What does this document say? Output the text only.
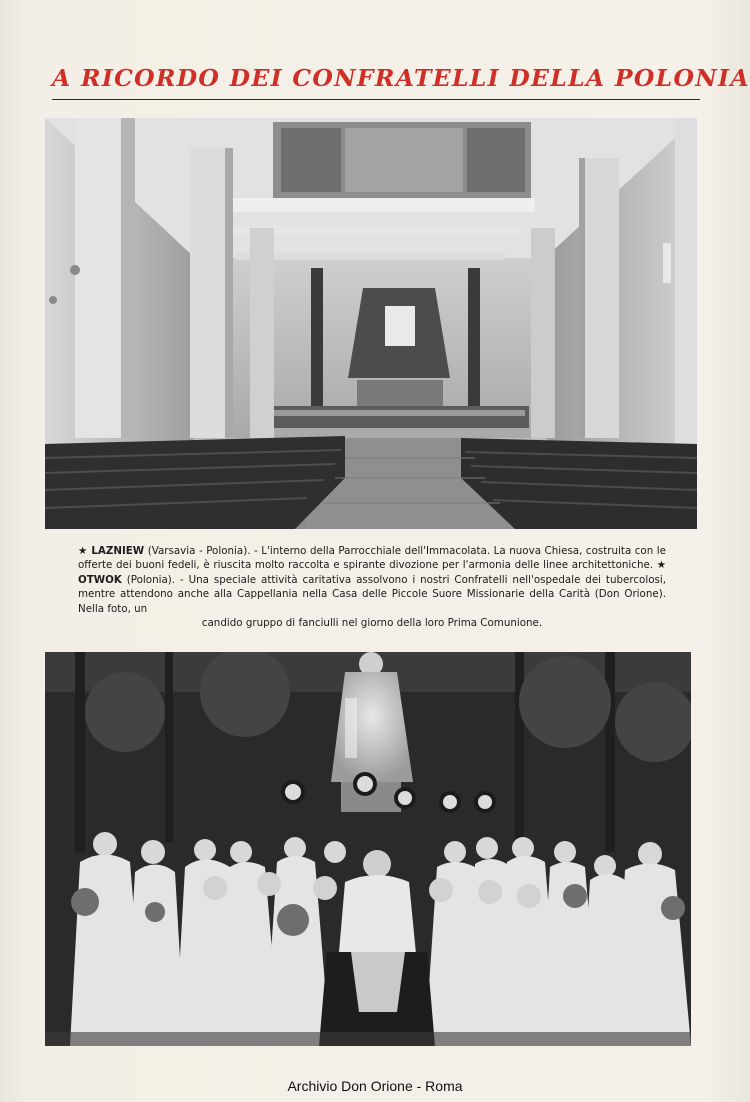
A RICORDO DEI CONFRATELLI DELLA POLONIA

★ LAZNIEW (Varsavia - Polonia). - L'interno della Parrocchiale dell'Immacolata. La nuova Chiesa, costruita con le offerte dei buoni fedeli, è riuscita molto raccolta e spirante divozione per l'armonia delle linee architettoniche. ★ OTWOK (Polonia). - Una speciale attività caritativa assolvono i nostri Confratelli nell'ospedale dei tubercolosi, mentre attendono anche alla Cappellania nella Casa delle Piccole Suore Missionarie della Carità (Don Orione). Nella foto, un
candido gruppo di fanciulli nel giorno della loro Prima Comunione.

Archivio Don Orione - Roma
